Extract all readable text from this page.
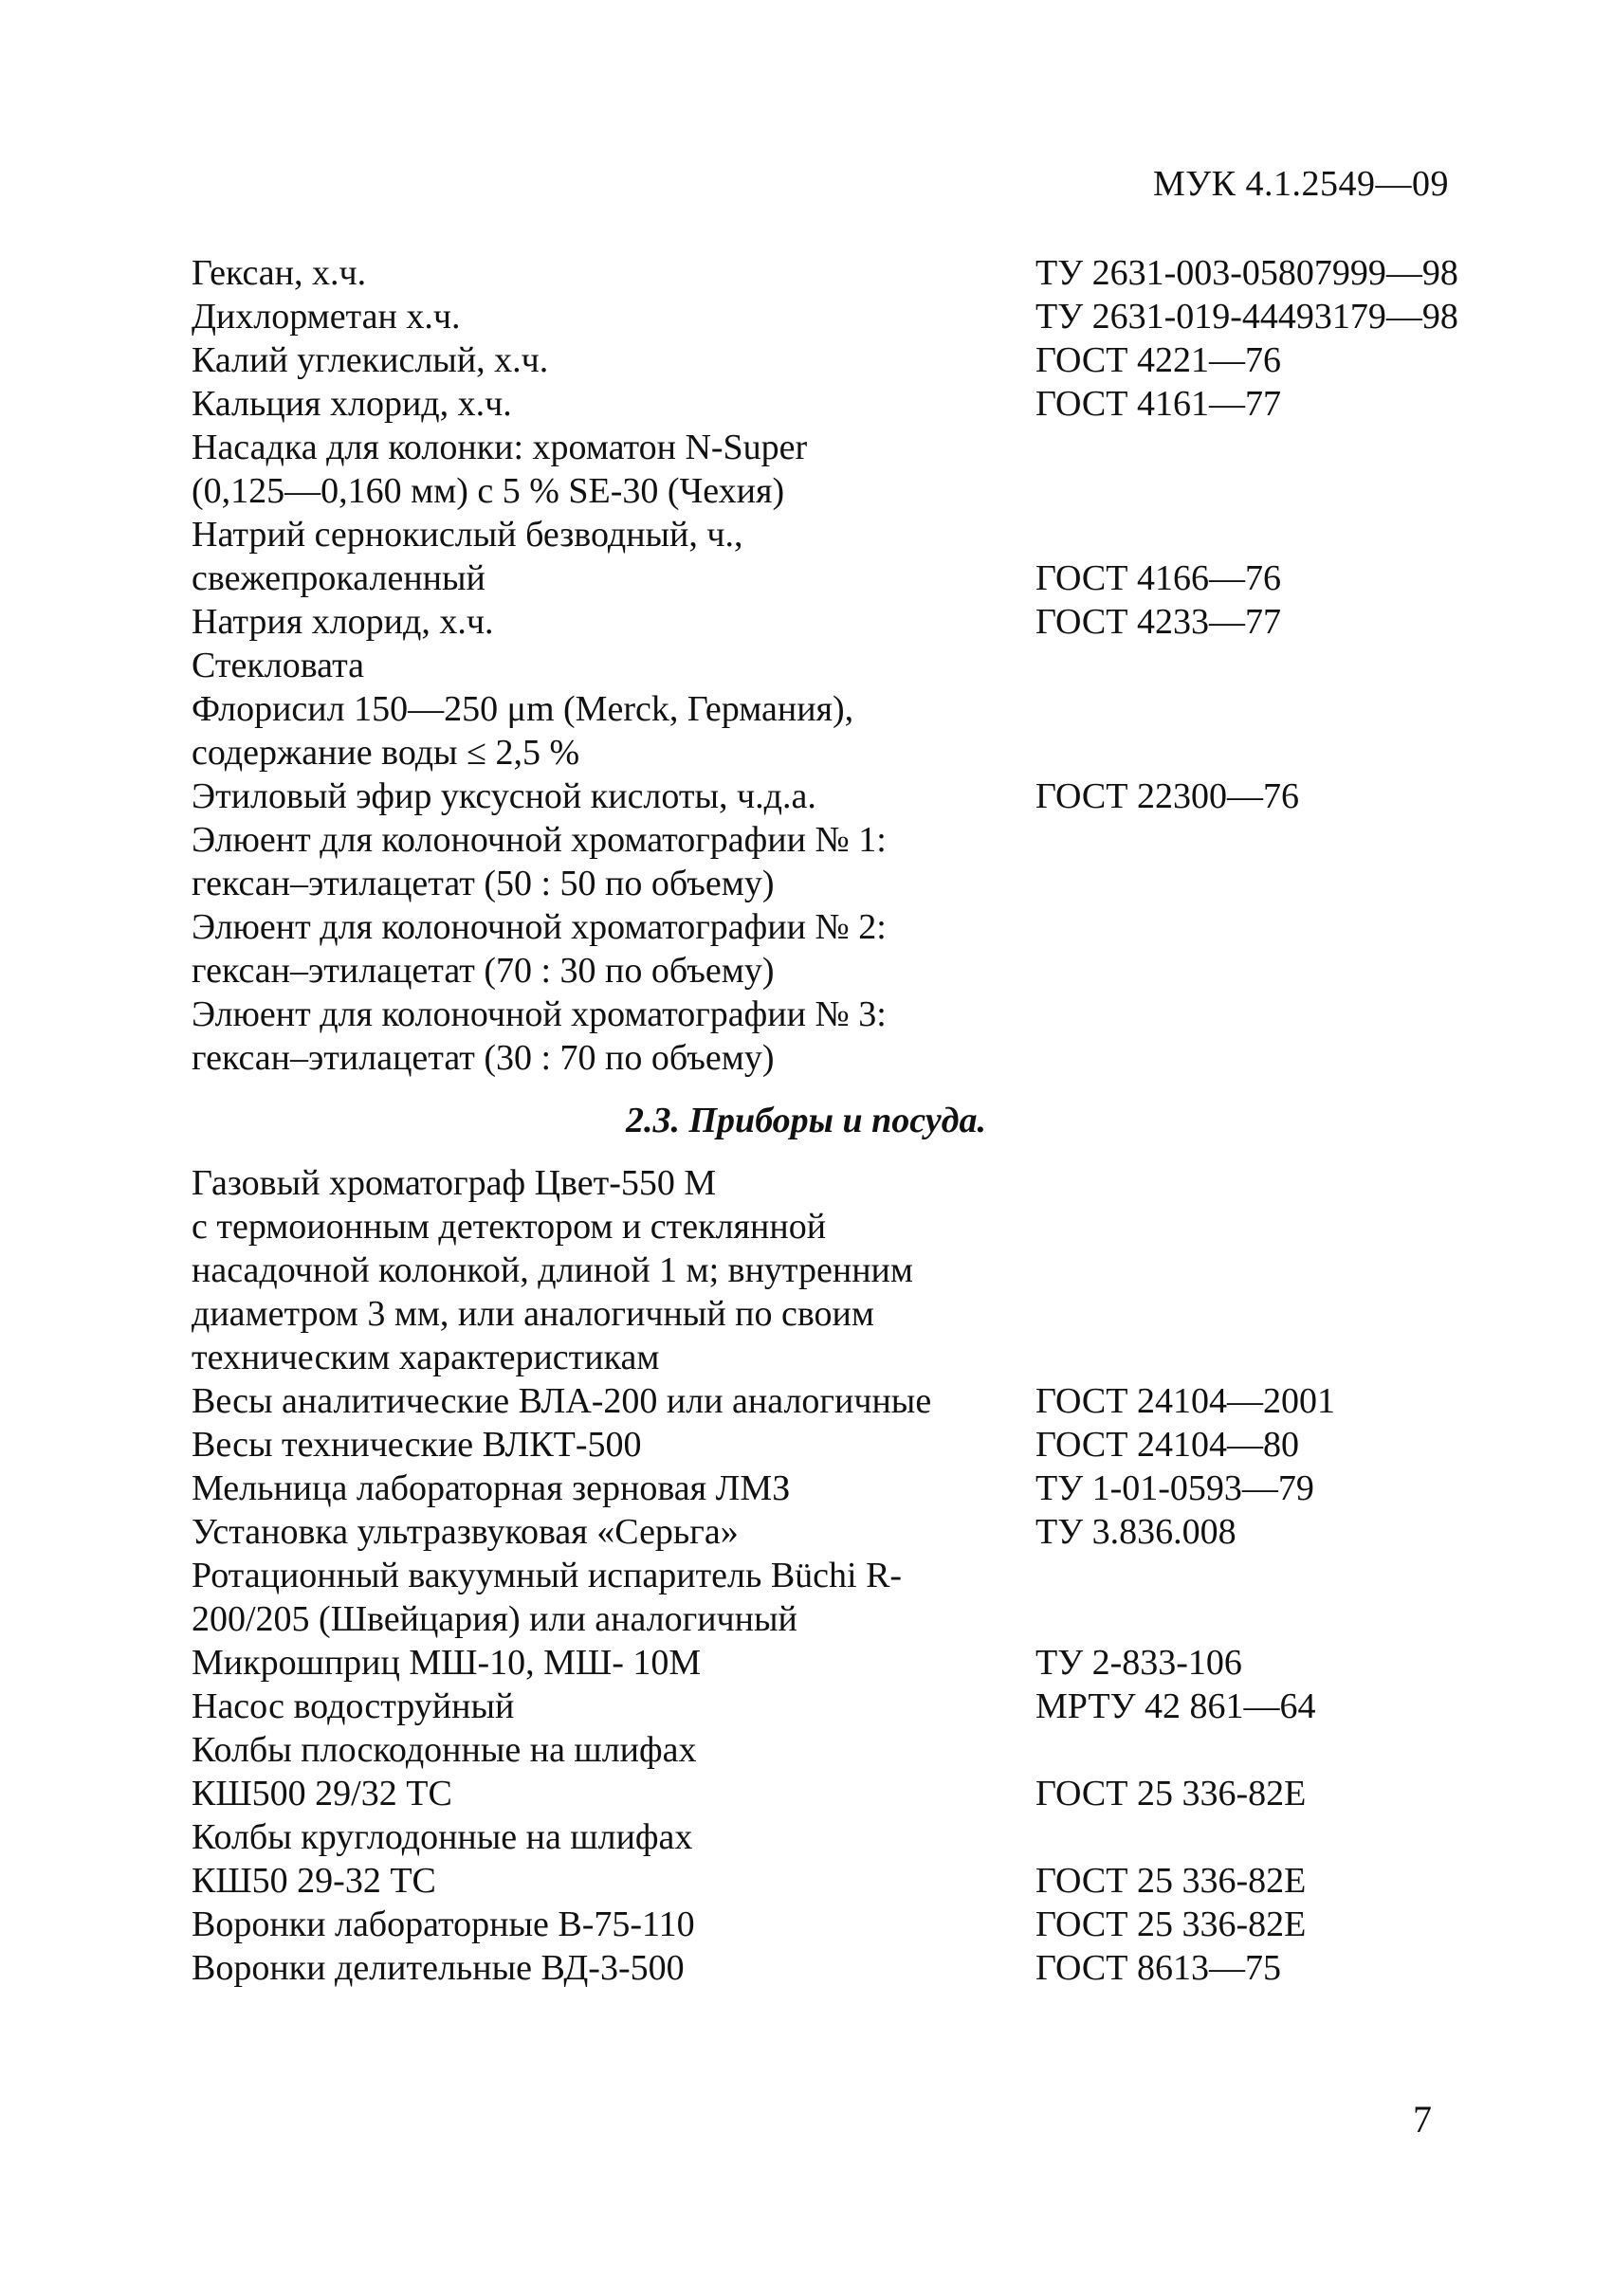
МУК 4.1.2549—09
Гексан, х.ч.	ТУ 2631-003-05807999—98
Дихлорметан х.ч.	ТУ 2631-019-44493179—98
Калий углекислый, х.ч.	ГОСТ 4221—76
Кальция хлорид, х.ч.	ГОСТ 4161—77
Насадка для колонки: хроматон N-Super
(0,125—0,160 мм) с 5 % SE-30 (Чехия)
Натрий сернокислый безводный, ч.,
свежепрокаленный	ГОСТ 4166—76
Натрия хлорид, х.ч.	ГОСТ 4233—77
Стекловата
Флорисил 150—250 μm (Merck, Германия),
содержание воды ≤ 2,5 %
Этиловый эфир уксусной кислоты, ч.д.а.	ГОСТ 22300—76
Элюент для колоночной хроматографии № 1:
гексан–этилацетат (50 : 50 по объему)
Элюент для колоночной хроматографии № 2:
гексан–этилацетат (70 : 30 по объему)
Элюент для колоночной хроматографии № 3:
гексан–этилацетат (30 : 70 по объему)
2.3. Приборы и посуда.
Газовый хроматограф Цвет-550 М
с термоионным детектором и стеклянной
насадочной колонкой, длиной 1 м; внутренним
диаметром 3 мм, или аналогичный по своим
техническим характеристикам
Весы аналитические ВЛА-200 или аналогичные	ГОСТ 24104—2001
Весы технические ВЛКТ-500	ГОСТ 24104—80
Мельница лабораторная зерновая ЛМЗ	ТУ 1-01-0593—79
Установка ультразвуковая «Серьга»	ТУ 3.836.008
Ротационный вакуумный испаритель Büchi R-
200/205 (Швейцария) или аналогичный
Микрошприц МШ-10, МШ- 10М	ТУ 2-833-106
Насос водоструйный	МРТУ 42 861—64
Колбы плоскодонные на шлифах
КШ500 29/32 ТС	ГОСТ 25 336-82Е
Колбы круглодонные на шлифах
КШ50 29-32 ТС	ГОСТ 25 336-82Е
Воронки лабораторные В-75-110	ГОСТ 25 336-82Е
Воронки делительные ВД-3-500	ГОСТ 8613—75
7
